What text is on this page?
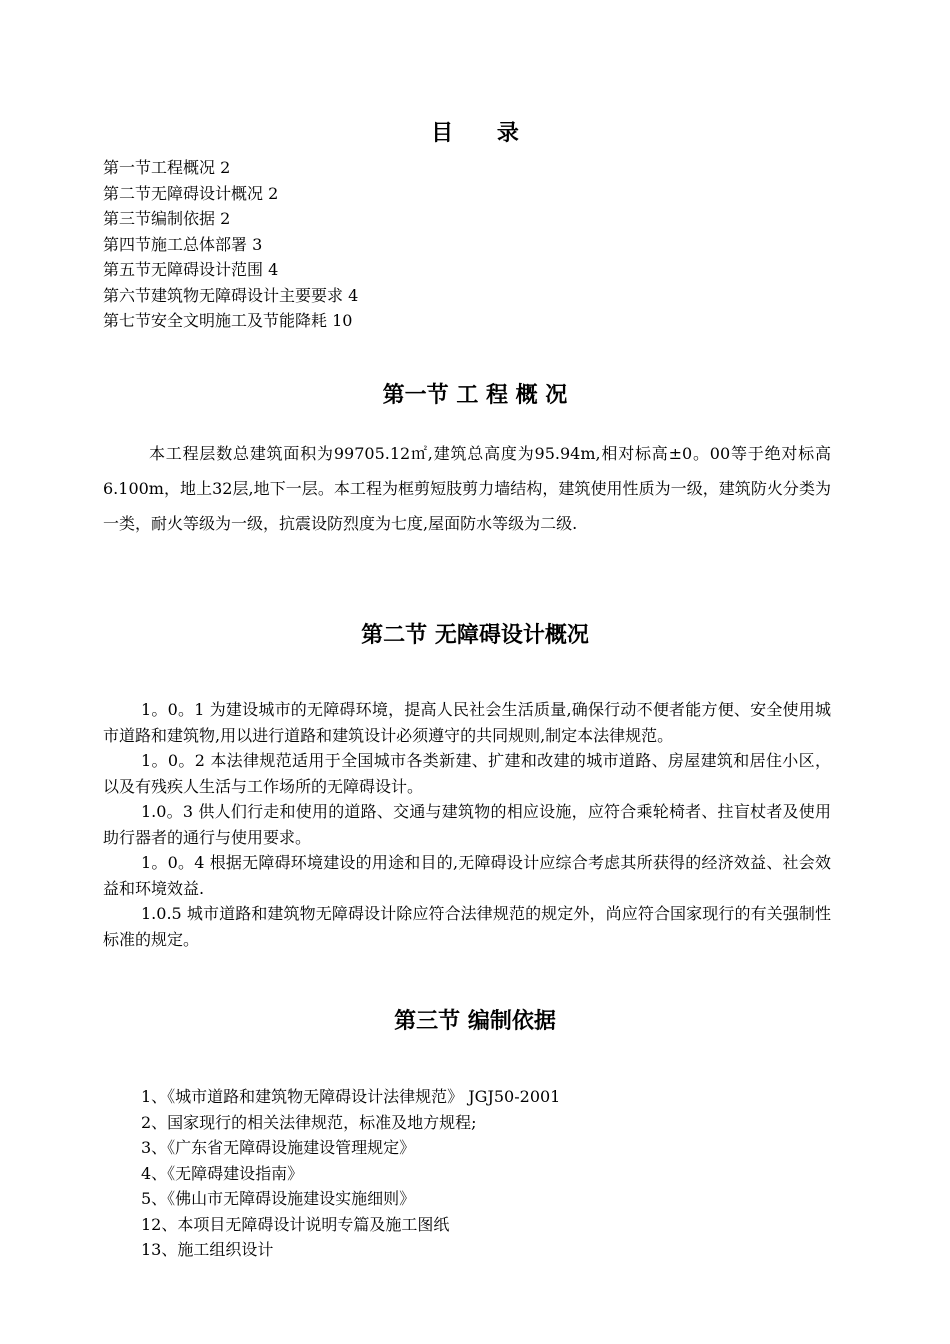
目 录
第一节工程概况 2
第二节无障碍设计概况 2
第三节编制依据 2
第四节施工总体部署 3
第五节无障碍设计范围 4
第六节建筑物无障碍设计主要要求 4
第七节安全文明施工及节能降耗 10
第一节 工 程 概 况
本工程层数总建筑面积为99705.12㎡,建筑总高度为95.94m,相对标高±0。00等于绝对标高6.100m，地上32层,地下一层。本工程为框剪短肢剪力墙结构，建筑使用性质为一级，建筑防火分类为一类，耐火等级为一级，抗震设防烈度为七度,屋面防水等级为二级.
第二节 无障碍设计概况

1。0。1 为建设城市的无障碍环境，提高人民社会生活质量,确保行动不便者能方便、安全使用城市道路和建筑物,用以进行道路和建筑设计必须遵守的共同规则,制定本法律规范。

1。0。2 本法律规范适用于全国城市各类新建、扩建和改建的城市道路、房屋建筑和居住小区，以及有残疾人生活与工作场所的无障碍设计。

1.0。3 供人们行走和使用的道路、交通与建筑物的相应设施，应符合乘轮椅者、拄盲杖者及使用助行器者的通行与使用要求。

1。0。4 根据无障碍环境建设的用途和目的,无障碍设计应综合考虑其所获得的经济效益、社会效益和环境效益.

1.0.5 城市道路和建筑物无障碍设计除应符合法律规范的规定外，尚应符合国家现行的有关强制性标准的规定。

第三节 编制依据
1、《城市道路和建筑物无障碍设计法律规范》 JGJ50-2001
2、国家现行的相关法律规范，标准及地方规程;
3、《广东省无障碍设施建设管理规定》
4、《无障碍建设指南》
5、《佛山市无障碍设施建设实施细则》
12、本项目无障碍设计说明专篇及施工图纸
13、施工组织设计
